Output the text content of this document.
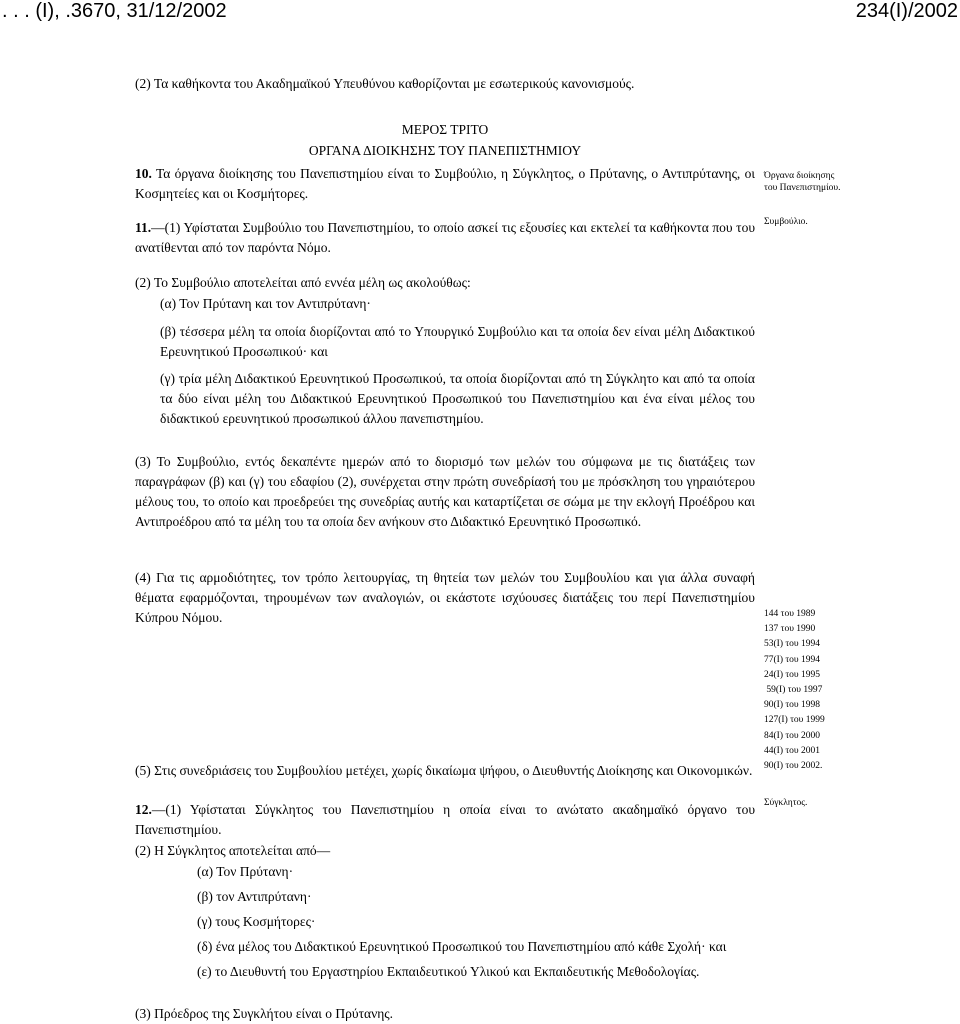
. . . (Ι), .3670, 31/12/2002	234(Ι)/2002
(2) Τα καθήκοντα του Ακαδημαϊκού Υπευθύνου καθορίζονται με εσωτερικούς κανονισμούς.
ΜΕΡΟΣ ΤΡΙΤΟ
ΟΡΓΑΝΑ ΔΙΟΙΚΗΣΗΣ ΤΟΥ ΠΑΝΕΠΙΣΤΗΜΙΟΥ
10. Τα όργανα διοίκησης του Πανεπιστημίου είναι το Συμβούλιο, η Σύγκλητος, ο Πρύτανης, ο Αντιπρύτανης, οι Κοσμητείες και οι Κοσμήτορες.
11.—(1) Υφίσταται Συμβούλιο του Πανεπιστημίου, το οποίο ασκεί τις εξουσίες και εκτελεί τα καθήκοντα που του ανατίθενται από τον παρόντα Νόμο.
(2) Το Συμβούλιο αποτελείται από εννέα μέλη ως ακολούθως:
(α) Τον Πρύτανη και τον Αντιπρύτανη·
(β) τέσσερα μέλη τα οποία διορίζονται από το Υπουργικό Συμβούλιο και τα οποία δεν είναι μέλη Διδακτικού Ερευνητικού Προσωπικού· και
(γ) τρία μέλη Διδακτικού Ερευνητικού Προσωπικού, τα οποία διορίζονται από τη Σύγκλητο και από τα οποία τα δύο είναι μέλη του Διδακτικού Ερευνητικού Προσωπικού του Πανεπιστημίου και ένα είναι μέλος του διδακτικού ερευνητικού προσωπικού άλλου πανεπιστημίου.
(3) Το Συμβούλιο, εντός δεκαπέντε ημερών από το διορισμό των μελών του σύμφωνα με τις διατάξεις των παραγράφων (β) και (γ) του εδαφίου (2), συνέρχεται στην πρώτη συνεδρίασή του με πρόσκληση του γηραιότερου μέλους του, το οποίο και προεδρεύει της συνεδρίας αυτής και καταρτίζεται σε σώμα με την εκλογή Προέδρου και Αντιπροέδρου από τα μέλη του τα οποία δεν ανήκουν στο Διδακτικό Ερευνητικό Προσωπικό.
(4) Για τις αρμοδιότητες, τον τρόπο λειτουργίας, τη θητεία των μελών του Συμβουλίου και για άλλα συναφή θέματα εφαρμόζονται, τηρουμένων των αναλογιών, οι εκάστοτε ισχύουσες διατάξεις του περί Πανεπιστημίου Κύπρου Νόμου.
(5) Στις συνεδριάσεις του Συμβουλίου μετέχει, χωρίς δικαίωμα ψήφου, ο Διευθυντής Διοίκησης και Οικονομικών.
12.—(1) Υφίσταται Σύγκλητος του Πανεπιστημίου η οποία είναι το ανώτατο ακαδημαϊκό όργανο του Πανεπιστημίου.
(2) Η Σύγκλητος αποτελείται από—
(α) Τον Πρύτανη·
(β) τον Αντιπρύτανη·
(γ) τους Κοσμήτορες·
(δ) ένα μέλος του Διδακτικού Ερευνητικού Προσωπικού του Πανεπιστημίου από κάθε Σχολή· και
(ε) το Διευθυντή του Εργαστηρίου Εκπαιδευτικού Υλικού και Εκπαιδευτικής Μεθοδολογίας.
(3) Πρόεδρος της Συγκλήτου είναι ο Πρύτανης.
Όργανα διοίκησης
του Πανεπιστημίου.
Συμβούλιο.
144 του 1989
137 του 1990
53(Ι) του 1994
77(Ι) του 1994
24(Ι) του 1995
59(Ι) του 1997
90(Ι) του 1998
127(Ι) του 1999
84(Ι) του 2000
44(Ι) του 2001
90(Ι) του 2002.
Σύγκλητος.
